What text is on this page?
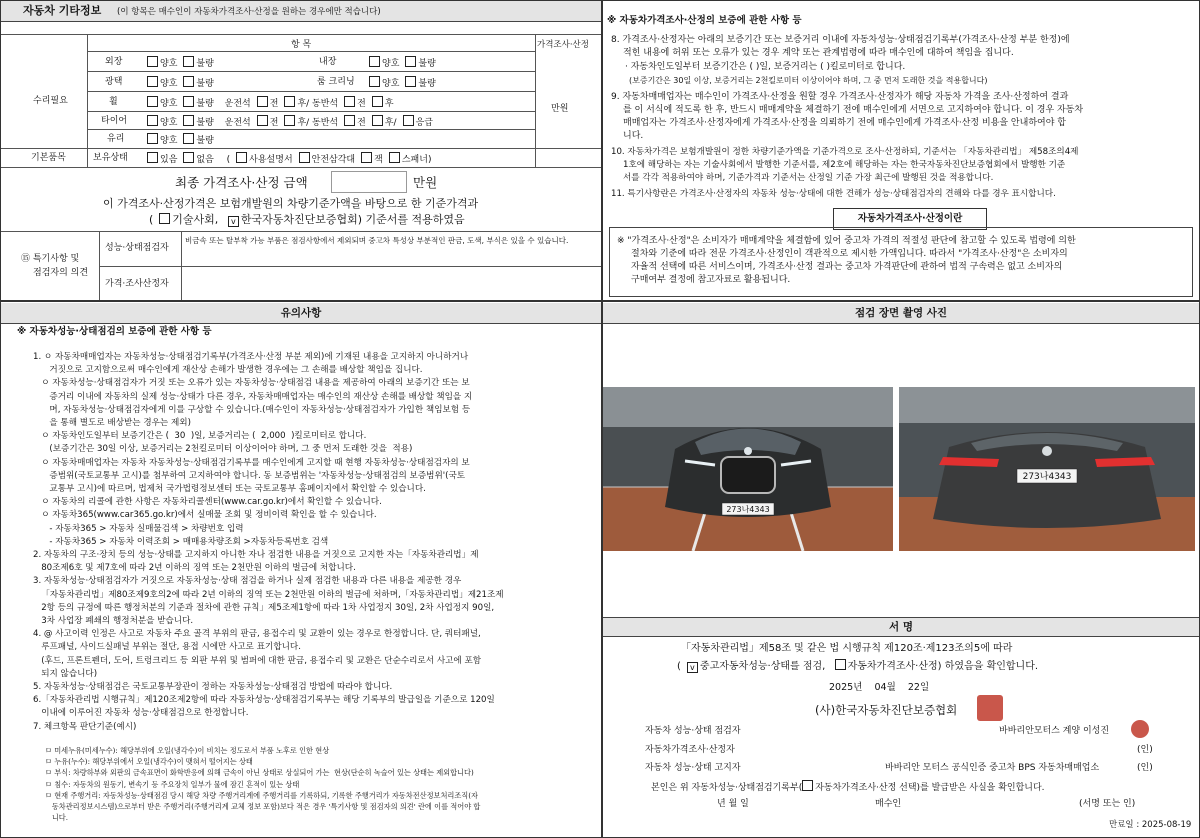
자동차 기타정보 (이 항목은 매수인이 자동차가격조사·산정을 원하는 경우에만 적습니다)
항 목	가격조사·산정
수리필요
기본품목
만원
외장	양호 불량	내장	양호 불량
광택	양호 불량	룸 크리닝	양호 불량
휠	양호 불량 운전석 전 후/ 동반석 전 후
타이어	양호 불량 운전석 전 후/ 동반석 전 후/ 응급
유리	양호 불량
보유상태	있음 없음 ( 사용설명서 안전삼각대 잭 스패너)
최종 가격조사·산정 금액	만원
이 가격조사·산정가격은 보험개발원의 차량기준가액을 바탕으로 한 기준가격과
( 기술사회, v 한국자동차진단보증협회) 기준서를 적용하였음
⑮ 특기사항 및
점검자의 의견
성능·상태점검자
비금속 또는 탈부착 가능 부품은 점검사항에서 제외되며 중고차 특성상 부분적인 판금, 도색, 부식은 있을 수 있습니다.
가격·조사산정자
※ 자동차가격조사·산정의 보증에 관한 사항 등
8. 가격조사·산정자는 아래의 보증기간 또는 보증거리 이내에 자동차성능·상태점검기록부(가격조사·산정 부분 한정)에
적힌 내용에 허위 또는 오류가 있는 경우 계약 또는 관계법령에 따라 매수인에 대하여 책임을 집니다.
· 자동차인도일부터 보증기간은 ( )일, 보증거리는 ( )킬로미터로 합니다.
(보증기간은 30일 이상, 보증거리는 2천킬로미터 이상이어야 하며, 그 중 먼저 도래한 것을 적용합니다)
9. 자동차매매업자는 매수인이 가격조사·산정을 원할 경우 가격조사·산정자가 해당 자동차 가격을 조사·산정하여 결과
를 이 서식에 적도록 한 후, 반드시 매매계약을 체결하기 전에 매수인에게 서면으로 고지하여야 합니다. 이 경우 자동차
매매업자는 가격조사·산정자에게 가격조사·산정을 의뢰하기 전에 매수인에게 가격조사·산정 비용을 안내하여야 합
니다.
10. 자동차가격은 보험개발원이 정한 차량기준가액을 기준가격으로 조사·산정하되, 기준서는 「자동차관리법」 제58조의4제
1호에 해당하는 자는 기술사회에서 발행한 기준서를, 제2호에 해당하는 자는 한국자동차진단보증협회에서 발행한 기준
서를 각각 적용하여야 하며, 기준가격과 기준서는 산정일 기준 가장 최근에 발행된 것을 적용합니다.
11. 특기사항란은 가격조사·산정자의 자동차 성능·상태에 대한 견해가 성능·상태점검자의 견해와 다를 경우 표시합니다.
자동차가격조사·산정이란
※ "가격조사·산정"은 소비자가 매매계약을 체결함에 있어 중고차 가격의 적절성 판단에 참고할 수 있도록 법령에 의한
절차와 기준에 따라 전문 가격조사·산정인이 객관적으로 제시한 가액입니다. 따라서 "가격조사·산정"은 소비자의
자율적 선택에 따른 서비스이며, 가격조사·산정 결과는 중고차 가격판단에 관하여 법적 구속력은 없고 소비자의
구매여부 결정에 참고자료로 활용됩니다.
유의사항
※ 자동차성능·상태점검의 보증에 관한 사항 등
1. ㅇ 자동차매매업자는 자동차성능·상태점검기록부(가격조사·산정 부분 제외)에 기재된 내용을 고지하지 아니하거나
거짓으로 고지함으로써 매수인에게 재산상 손해가 발생한 경우에는 그 손해를 배상할 책임을 집니다.
ㅇ 자동차성능·상태점검자가 거짓 또는 오류가 있는 자동차성능·상태점검 내용을 제공하여 아래의 보증기간 또는 보
증거리 이내에 자동차의 실제 성능·상태가 다른 경우, 자동차매매업자는 매수인의 재산상 손해를 배상할 책임을 지
며, 자동차성능·상태점검자에게 이를 구상할 수 있습니다.(매수인이 자동차성능·상태점검자가 가입한 책임보험 등
을 통해 별도로 배상받는 경우는 제외)
ㅇ 자동차인도일부터 보증기간은 (  30  )일, 보증거리는 (  2,000  )킬로미터로 합니다.
(보증기간은 30일 이상, 보증거리는 2천킬로미터 이상이어야 하며, 그 중 먼저 도래한 것을  적용)
ㅇ 자동차매매업자는 자동차 자동차성능·상태점검기록부를 매수인에게 고지할 때 현행 자동차성능·상태점검자의 보
증범위(국토교통부 고시)를 첨부하여 고지하여야 합니다. 동 보증범위는 '자동차성능·상태점검의 보증범위'(국토
교통부 고시)에 따르며, 법제처 국가법령정보센터 또는 국토교통부 홈페이지에서 확인할 수 있습니다.
ㅇ 자동차의 리콜에 관한 사항은 자동차리콜센터(www.car.go.kr)에서 확인할 수 있습니다.
ㅇ 자동차365(www.car365.go.kr)에서 실매물 조회 및 정비이력 확인을 할 수 있습니다.
- 자동차365 > 자동차 실매물검색 > 차량번호 입력
- 자동차365 > 자동차 이력조회 > 매매용차량조회 >자동차등록번호 검색
2. 자동차의 구조·장치 등의 성능·상태를 고지하지 아니한 자나 점검한 내용을 거짓으로 고지한 자는「자동차관리법」제
80조제6호 및 제7호에 따라 2년 이하의 징역 또는 2천만원 이하의 벌금에 처합니다.
3. 자동차성능·상태점검자가 거짓으로 자동차성능·상태 점검을 하거나 실제 점검한 내용과 다른 내용을 제공한 경우
「자동차관리법」제80조제9호의2에 따라 2년 이하의 징역 또는 2천만원 이하의 벌금에 처하며,「자동차관리법」제21조제
2항 등의 규정에 따른 행정처분의 기준과 절차에 관한 규칙」제5조제1항에 따라 1차 사업정지 30일, 2차 사업정지 90일,
3차 사업장 폐쇄의 행정처분을 받습니다.
4. @ 사고이력 인정은 사고로 자동차 주요 골격 부위의 판금, 용접수리 및 교환이 있는 경우로 한정합니다. 단, 쿼터패널,
루프패널, 사이드실패널 부위는 절단, 용접 시에만 사고로 표기합니다.
(후드, 프론트펜더, 도어, 트렁크리드 등 외판 부위 및 범퍼에 대한 판금, 용접수리 및 교환은 단순수리로서 사고에 포함
되지 않습니다)
5. 자동차성능·상태점검은 국토교통부장관이 정하는 자동차성능·상태점검 방법에 따라야 합니다.
6.「자동차관리법 시행규칙」제120조제2항에 따라 자동차성능·상태점검기록부는 해당 기록부의 발급일을 기준으로 120일
이내에 이루어진 자동차 성능·상태점검으로 한정합니다.
7. 체크항목 판단기준(예시)
ㅁ 미세누유(미세누수): 해당부위에 오일(냉각수)이 비치는 정도로서 부품 노후로 인한 현상
ㅁ 누유(누수): 해당부위에서 오일(냉각수)이 맺혀서 떨어지는 상태
ㅁ 부식: 차량하부와 외판의 금속표면이 화학반응에 의해 금속이 아닌 상태로 상실되어 가는  현상(단순히 녹슬어 있는 상태는 제외합니다)
ㅁ 침수: 자동차의 원동기, 변속기 등 주요장치 일부가 물에 잠긴 흔적이 있는 상태
ㅁ 현재 주행거리: 자동차성능·상태점검 당시 해당 차량 주행거리계에 주행거리를 기록하되, 기록한 주행거리가 자동차전산정보처리조직(자
동차관리정보시스템)으로부터 받은 주행거리(주행거리계 교체 정보 포함)보다 적은 경우 '특기사항 및 점검자의 의견' 란에 이를 적어야 합
니다.
점검 장면 촬영 사진
273나4343
273나4343
서 명
「자동차관리법」제58조 및 같은 법 시행규칙 제120조·제123조의5에 따라
( v 중고자동차성능·상태를 점검, 자동차가격조사·산정) 하였음을 확인합니다.
2025년 04월 22일
(사)한국자동차진단보증협회
자동차 성능·상태 점검자	바바리안모터스 계양 이성진
자동차가격조사·산정자	(인)
자동차 성능·상태 고지자	바바리안 모터스 공식인증 중고차 BPS 자동차매매업소	(인)
본인은 위 자동차성능·상태점검기록부( 자동차가격조사·산정 선택)를 발급받은 사실을 확인합니다.
년 월 일	매수인	(서명 또는 인)
만료일 : 2025-08-19
